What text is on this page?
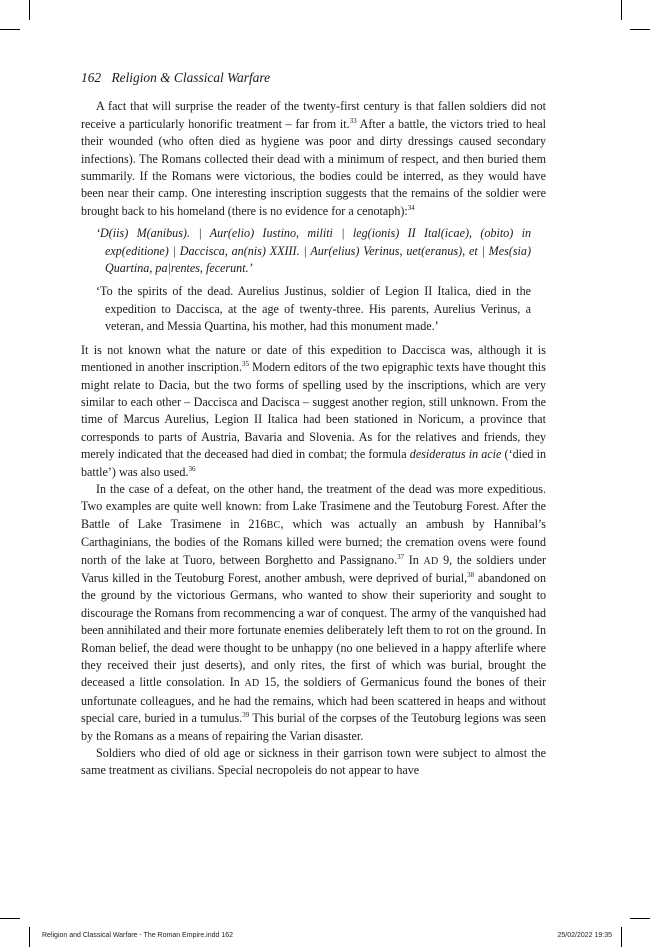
162 Religion & Classical Warfare

A fact that will surprise the reader of the twenty-first century is that fallen soldiers did not receive a particularly honorific treatment – far from it.$^{33}$ After a battle, the victors tried to heal their wounded (who often died as hygiene was poor and dirty dressings caused secondary infections). The Romans collected their dead with a minimum of respect, and then buried them summarily. If the Romans were victorious, the bodies could be interred, as they would have been near their camp. One interesting inscription suggests that the remains of the soldier were brought back to his homeland (there is no evidence for a cenotaph):$^{34}$

‘D(iis) M(anibus). | Aur(elio) Iustino, militi | leg(ionis) II Ital(icae), (obito) in exp(editione) | Daccisca, an(nis) XXIII. | Aur(elius) Verinus, uet(eranus), et | Mes(sia) Quartina, pa|rentes, fecerunt.’

‘To the spirits of the dead. Aurelius Justinus, soldier of Legion II Italica, died in the expedition to Daccisca, at the age of twenty-three. His parents, Aurelius Verinus, a veteran, and Messia Quartina, his mother, had this monument made.’

It is not known what the nature or date of this expedition to Daccisca was, although it is mentioned in another inscription.$^{35}$ Modern editors of the two epigraphic texts have thought this might relate to Dacia, but the two forms of spelling used by the inscriptions, which are very similar to each other – Daccisca and Dacisca – suggest another region, still unknown. From the time of Marcus Aurelius, Legion II Italica had been stationed in Noricum, a province that corresponds to parts of Austria, Bavaria and Slovenia. As for the relatives and friends, they merely indicated that the deceased had died in combat; the formula desideratus in acie (‘died in battle’) was also used.$^{36}$

In the case of a defeat, on the other hand, the treatment of the dead was more expeditious. Two examples are quite well known: from Lake Trasimene and the Teutoburg Forest. After the Battle of Lake Trasimene in 216BC, which was actually an ambush by Hannibal’s Carthaginians, the bodies of the Romans killed were burned; the cremation ovens were found north of the lake at Tuoro, between Borghetto and Passignano.$^{37}$ In AD 9, the soldiers under Varus killed in the Teutoburg Forest, another ambush, were deprived of burial,$^{38}$ abandoned on the ground by the victorious Germans, who wanted to show their superiority and sought to discourage the Romans from recommencing a war of conquest. The army of the vanquished had been annihilated and their more fortunate enemies deliberately left them to rot on the ground. In Roman belief, the dead were thought to be unhappy (no one believed in a happy afterlife where they received their just deserts), and only rites, the first of which was burial, brought the deceased a little consolation. In AD 15, the soldiers of Germanicus found the bones of their unfortunate colleagues, and he had the remains, which had been scattered in heaps and without special care, buried in a tumulus.$^{39}$ This burial of the corpses of the Teutoburg legions was seen by the Romans as a means of repairing the Varian disaster.

Soldiers who died of old age or sickness in their garrison town were subject to almost the same treatment as civilians. Special necropoleis do not appear to have

Religion and Classical Warfare - The Roman Empire.indd 162	25/02/2022 19:35
